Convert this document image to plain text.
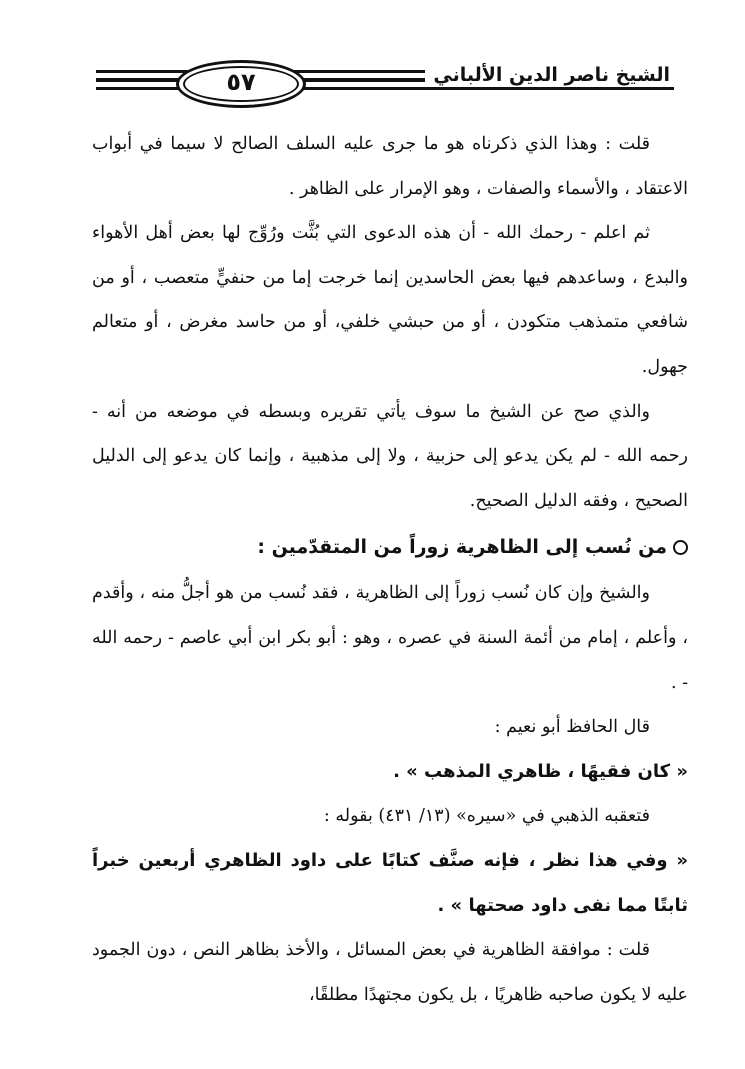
٥٧	الشيخ ناصر الدين الألباني

قلت : وهذا الذي ذكرناه هو ما جرى عليه السلف الصالح لا سيما في أبواب الاعتقاد ، والأسماء والصفات ، وهو الإمرار على الظاهر .

ثم اعلم - رحمك الله - أن هذه الدعوى التي بُثَّت ورُوِّج لها بعض أهل الأهواء والبدع ، وساعدهم فيها بعض الحاسدين إنما خرجت إما من حنفيٍّ متعصب ، أو من شافعي متمذهب متكودن ، أو من حبشي خلفي، أو من حاسد مغرض ، أو متعالم جهول.

والذي صح عن الشيخ ما سوف يأتي تقريره وبسطه في موضعه من أنه - رحمه الله - لم يكن يدعو إلى حزبية ، ولا إلى مذهبية ، وإنما كان يدعو إلى الدليل الصحيح ، وفقه الدليل الصحيح.

من نُسب إلى الظاهرية زوراً من المتقدّمين :

والشيخ وإن كان نُسب زوراً إلى الظاهرية ، فقد نُسب من هو أجلُّ منه ، وأقدم ، وأعلم ، إمام من أئمة السنة في عصره ، وهو : أبو بكر ابن أبي عاصم - رحمه الله - .

قال الحافظ أبو نعيم :

« كان فقيهًا ، ظاهري المذهب » .

فتعقبه الذهبي في «سيره» (١٣/ ٤٣١) بقوله :

« وفي هذا نظر ، فإنه صنَّف كتابًا على داود الظاهري أربعين خبراً ثابتًا مما نفى داود صحتها » .

قلت : موافقة الظاهرية في بعض المسائل ، والأخذ بظاهر النص ، دون الجمود عليه لا يكون صاحبه ظاهريًا ، بل يكون مجتهدًا مطلقًا،
